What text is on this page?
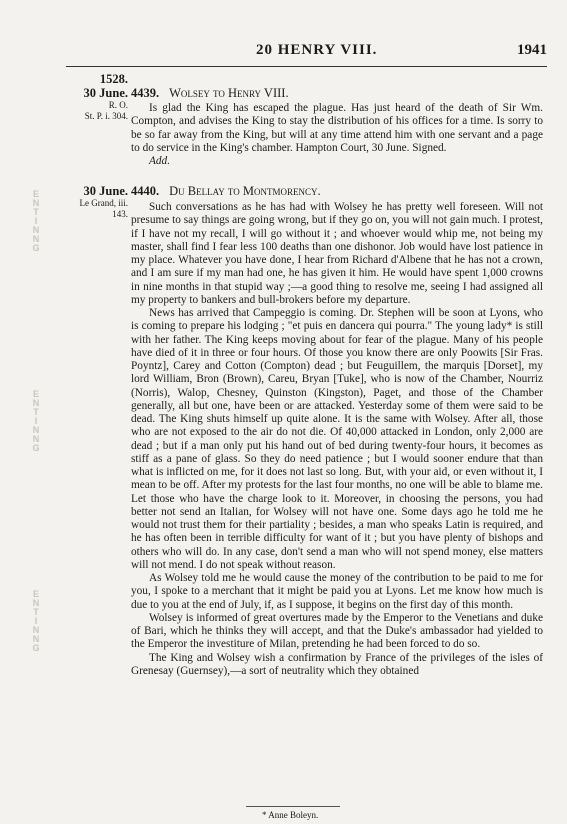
20 HENRY VIII.	1941
1528.
30 June.
R. O.
St. P. i. 304.
4439. Wolsey to Henry VIII.

Is glad the King has escaped the plague. Has just heard of the death of Sir Wm. Compton, and advises the King to stay the distribution of his offices for a time. Is sorry to be so far away from the King, but will at any time attend him with one servant and a page to do service in the King's chamber. Hampton Court, 30 June. Signed.

Add.
30 June.
Le Grand, iii.
143.
4440. Du Bellay to Montmorency.

Such conversations as he has had with Wolsey he has pretty well foreseen. Will not presume to say things are going wrong, but if they go on, you will not gain much. I protest, if I have not my recall, I will go without it ; and whoever would whip me, not being my master, shall find I fear less 100 deaths than one dishonor. Job would have lost patience in my place. Whatever you have done, I hear from Richard d'Albene that he has not a crown, and I am sure if my man had one, he has given it him. He would have spent 1,000 crowns in nine months in that stupid way ;—a good thing to resolve me, seeing I had assigned all my property to bankers and bull-brokers before my departure.

News has arrived that Campeggio is coming. Dr. Stephen will be soon at Lyons, who is coming to prepare his lodging ; "et puis en dancera qui pourra." The young lady* is still with her father. The King keeps moving about for fear of the plague. Many of his people have died of it in three or four hours. Of those you know there are only Poowits [Sir Fras. Poyntz], Carey and Cotton (Compton) dead ; but Feuguillem, the marquis [Dorset], my lord William, Bron (Brown), Careu, Bryan [Tuke], who is now of the Chamber, Nourriz (Norris), Walop, Chesney, Quinston (Kingston), Paget, and those of the Chamber generally, all but one, have been or are attacked. Yesterday some of them were said to be dead. The King shuts himself up quite alone. It is the same with Wolsey. After all, those who are not exposed to the air do not die. Of 40,000 attacked in London, only 2,000 are dead ; but if a man only put his hand out of bed during twenty-four hours, it becomes as stiff as a pane of glass. So they do need patience ; but I would sooner endure that than what is inflicted on me, for it does not last so long. But, with your aid, or even without it, I mean to be off. After my protests for the last four months, no one will be able to blame me. Let those who have the charge look to it. Moreover, in choosing the persons, you had better not send an Italian, for Wolsey will not have one. Some days ago he told me he would not trust them for their partiality ; besides, a man who speaks Latin is required, and he has often been in terrible difficulty for want of it ; but you have plenty of bishops and others who will do. In any case, don't send a man who will not spend money, else matters will not mend. I do not speak without reason.

As Wolsey told me he would cause the money of the contribution to be paid to me for you, I spoke to a merchant that it might be paid you at Lyons. Let me know how much is due to you at the end of July, if, as I suppose, it begins on the first day of this month.

Wolsey is informed of great overtures made by the Emperor to the Venetians and duke of Bari, which he thinks they will accept, and that the Duke's ambassador had yielded to the Emperor the investiture of Milan, pretending he had been forced to do so.

The King and Wolsey wish a confirmation by France of the privileges of the isles of Grenesay (Guernsey),—a sort of neutrality which they obtained

* Anne Boleyn.
E
N
T
I
N
N
G
E
N
T
I
N
N
G
E
N
T
I
N
N
G
